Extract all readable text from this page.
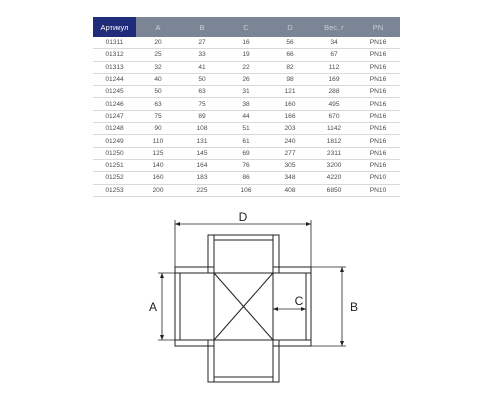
Артикул	A	B	C	D	Вес, г	PN
01311	20	27	16	56	34	PN16
01312	25	33	19	66	67	PN16
01313	32	41	22	82	112	PN16
01244	40	50	26	98	169	PN16
01245	50	63	31	121	288	PN16
01246	63	75	38	160	495	PN16
01247	75	89	44	166	670	PN16
01248	90	108	51	203	1142	PN16
01249	110	131	61	240	1812	PN16
01250	125	145	69	277	2311	PN16
01251	140	164	76	305	3200	PN16
01252	160	183	86	348	4220	PN10
01253	200	225	106	408	6850	PN10
D
A	B
C
